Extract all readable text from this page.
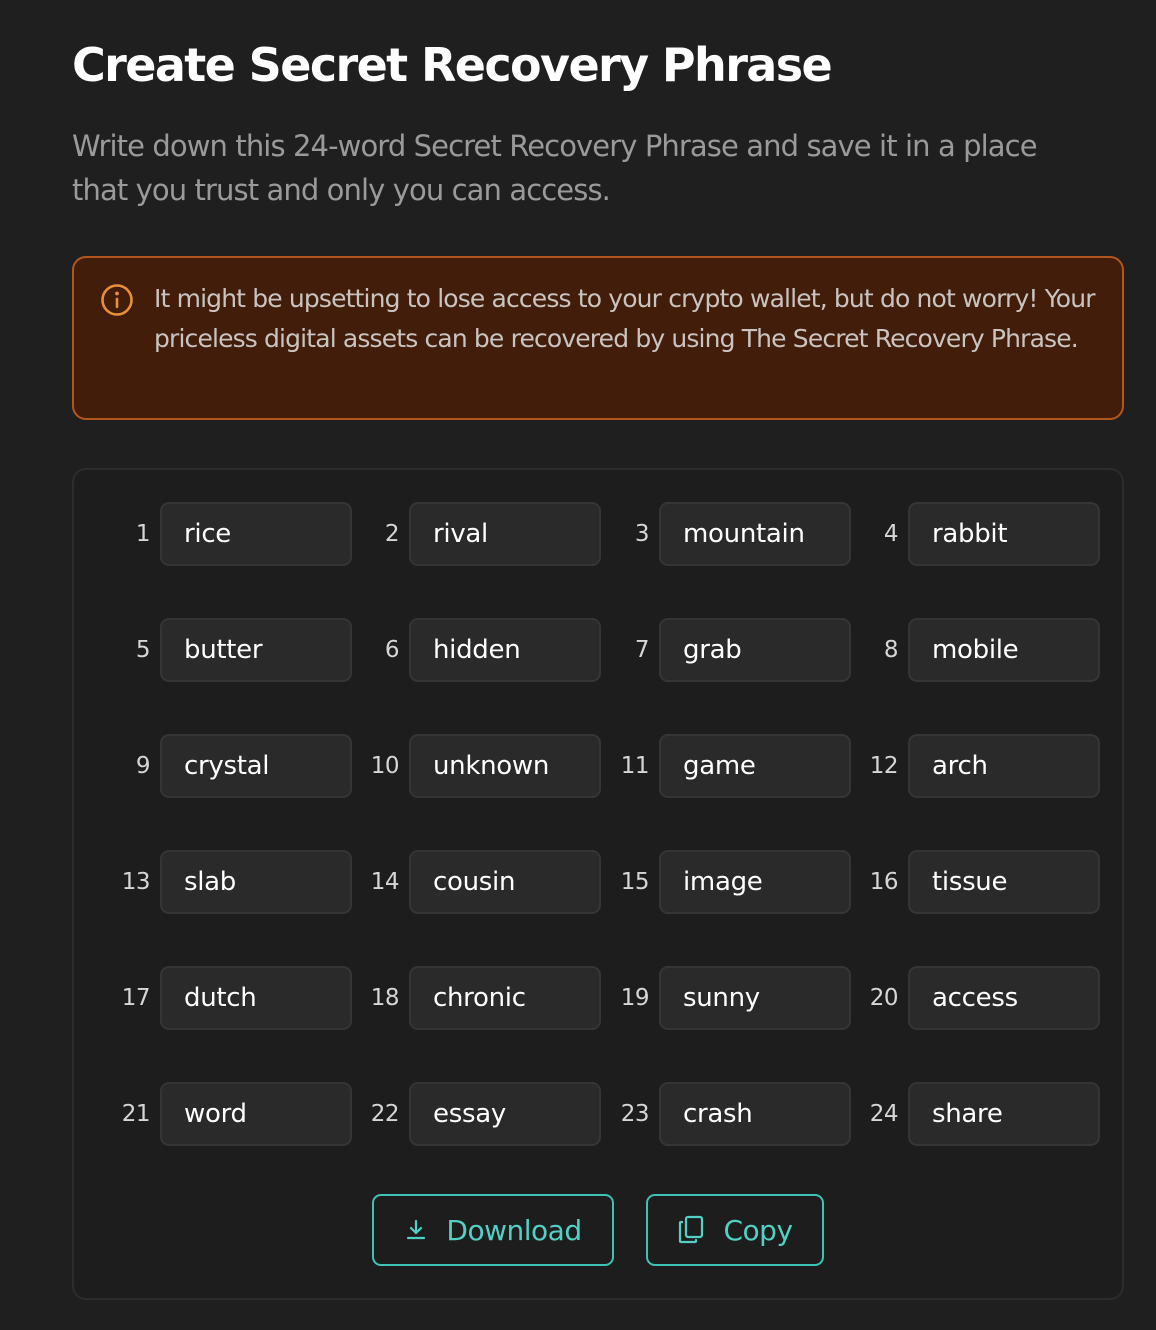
Create Secret Recovery Phrase

Write down this 24-word Secret Recovery Phrase and save it in a place that you trust and only you can access.

It might be upsetting to lose access to your crypto wallet, but do not worry! Your priceless digital assets can be recovered by using The Secret Recovery Phrase.

1	rice	2	rival	3	mountain	4	rabbit
5	butter	6	hidden	7	grab	8	mobile
9	crystal	10	unknown	11	game	12	arch
13	slab	14	cousin	15	image	16	tissue
17	dutch	18	chronic	19	sunny	20	access
21	word	22	essay	23	crash	24	share
Download	Copy
